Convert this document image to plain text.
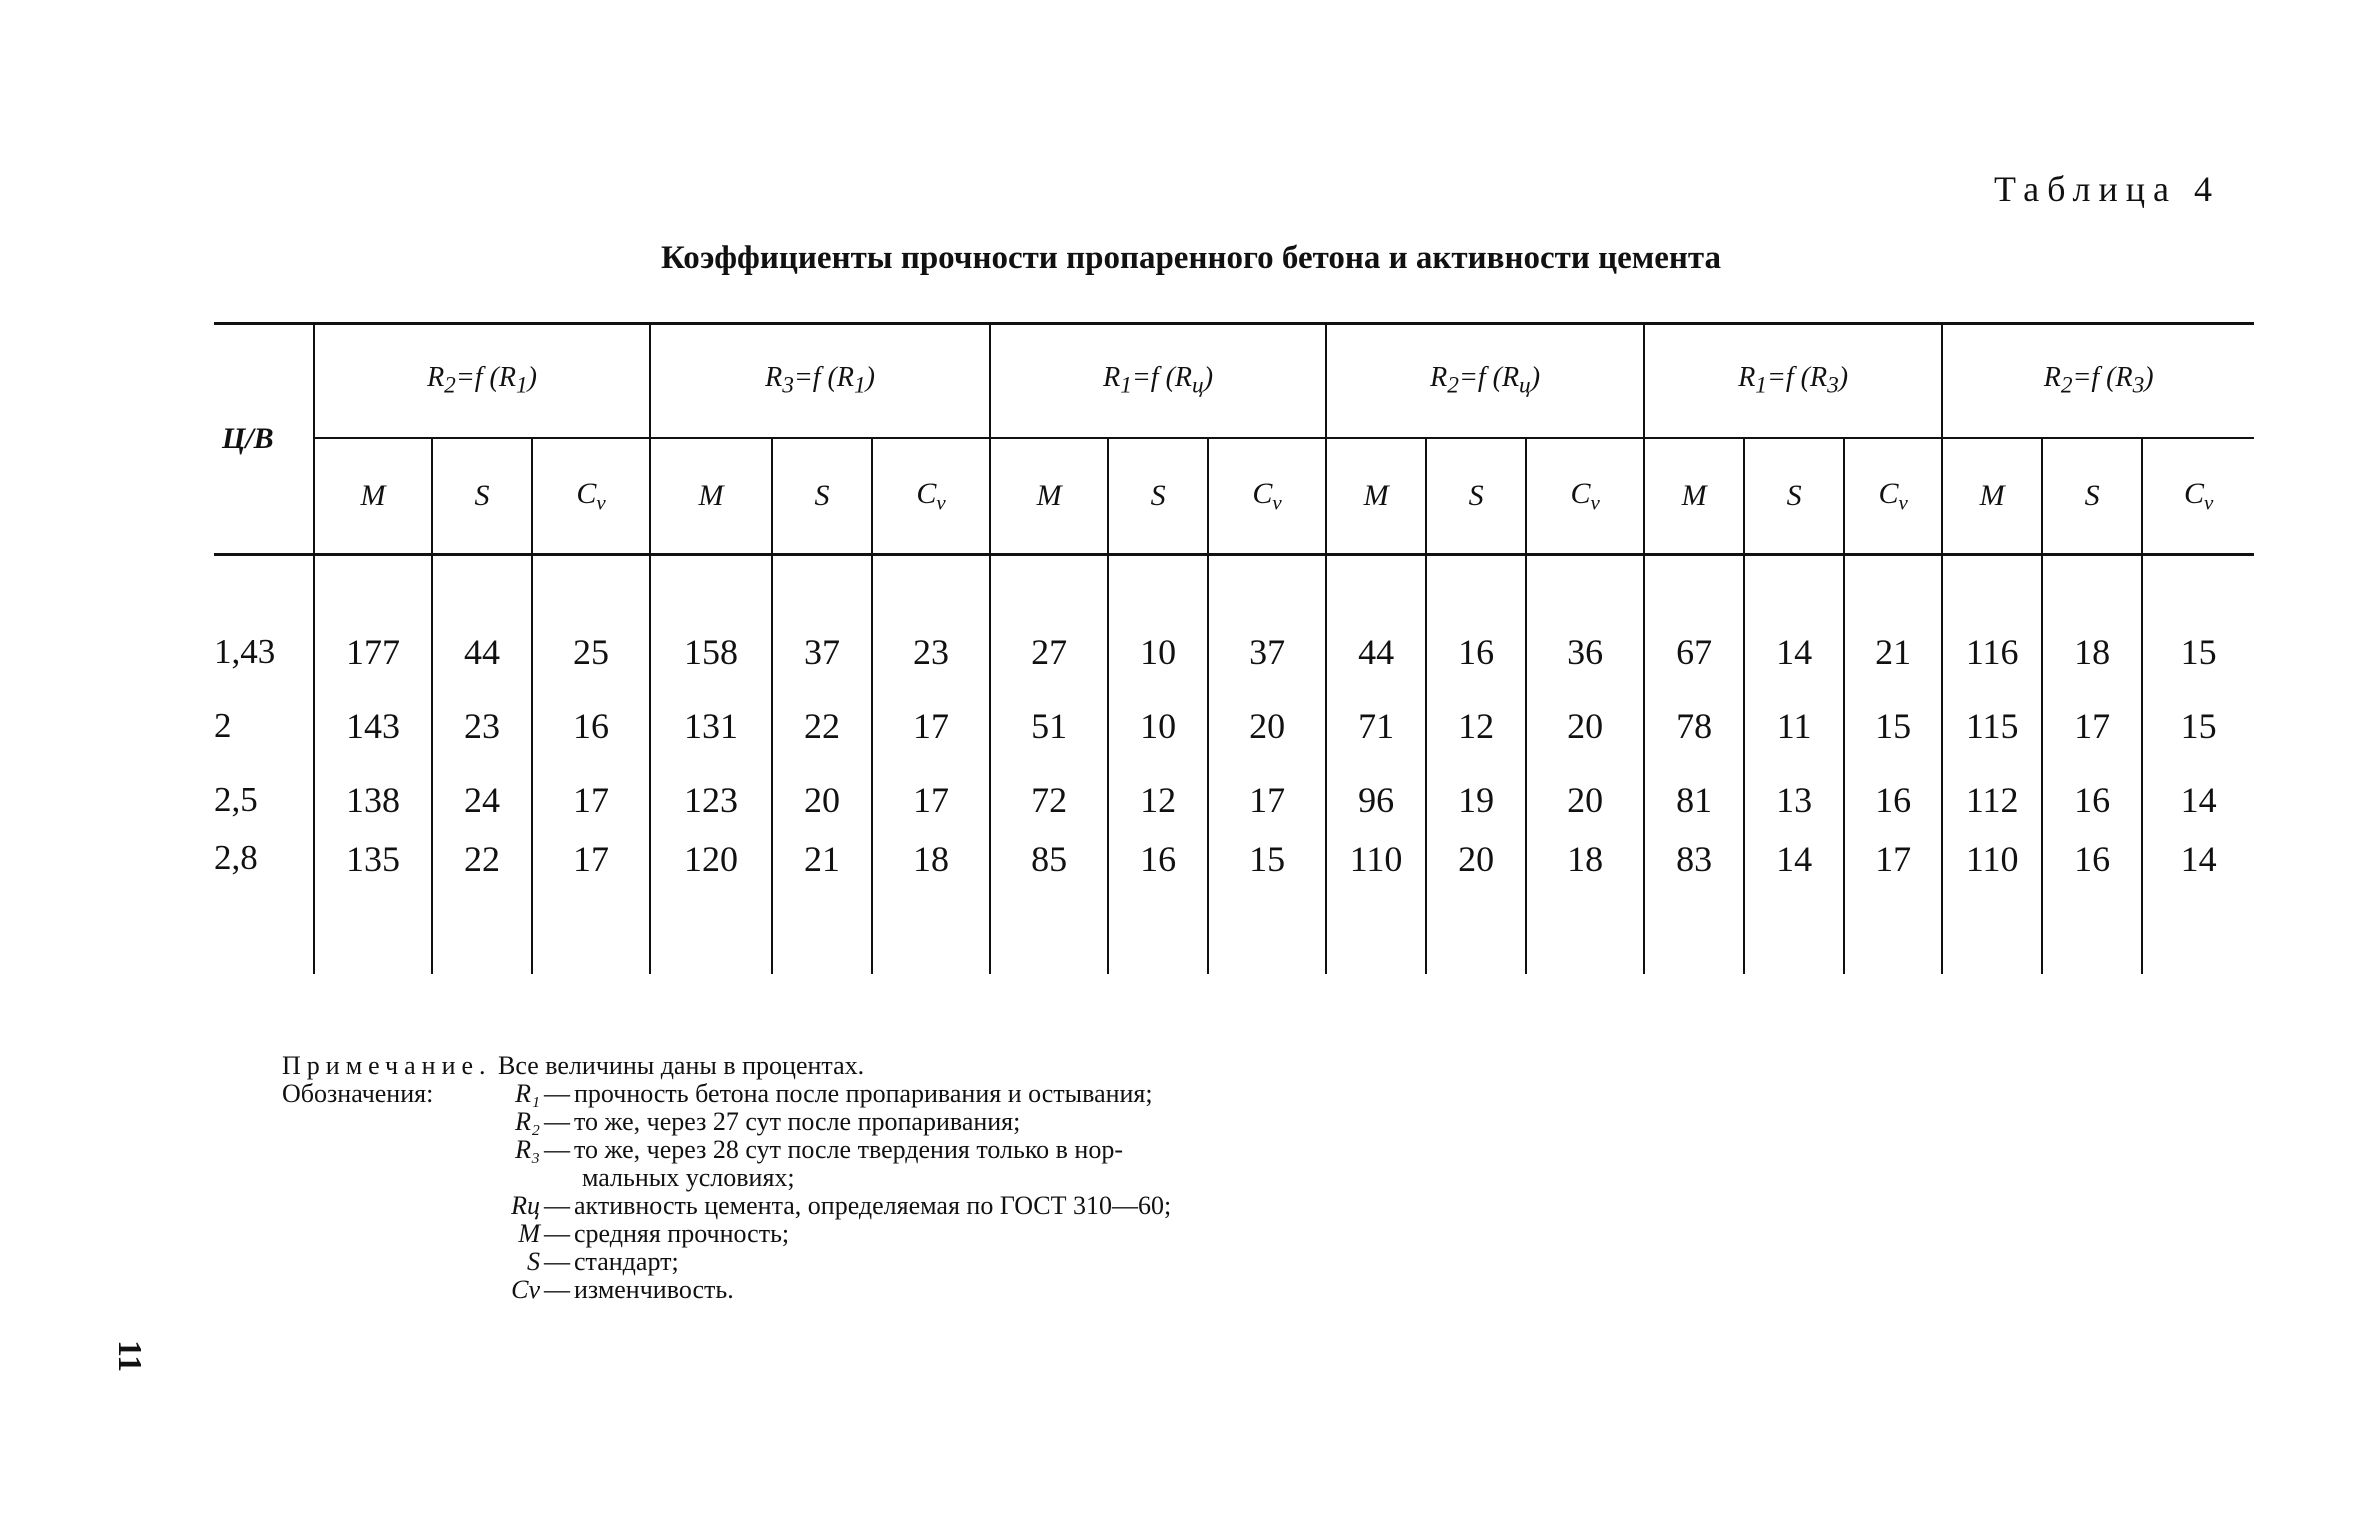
Таблица 4
Коэффициенты прочности пропаренного бетона и активности цемента
Ц/В	$R_2=f$ $(R_1)$			$R_3=f$ $(R_1)$			$R_1=f$ $(R_ц)$			$R_2=f$ $(R_ц)$			$R_1=f$ $(R_3)$			$R_2=f$ $(R_3)$		
	M	S	$C_v$	M	S	$C_v$	M	S	$C_v$	M	S	$C_v$	M	S	$C_v$	M	S	$C_v$
1,43	177	44	25	158	37	23	27	10	37	44	16	36	67	14	21	116	18	15
2	143	23	16	131	22	17	51	10	20	71	12	20	78	11	15	115	17	15
2,5	138	24	17	123	20	17	72	12	17	96	19	20	81	13	16	112	16	14
2,8	135	22	17	120	21	18	85	16	15	110	20	18	83	14	17	110	16	14
Примечание. Все величины даны в процентах.
Обозначения:	R₁ — прочность бетона после пропаривания и остывания;
R₂ — то же, через 27 сут после пропаривания;
R₃ — то же, через 28 сут после твердения только в нор-
мальных условиях;
Rц — активность цемента, определяемая по ГОСТ 310—60;
M — средняя прочность;
S — стандарт;
Cv — изменчивость.
11
